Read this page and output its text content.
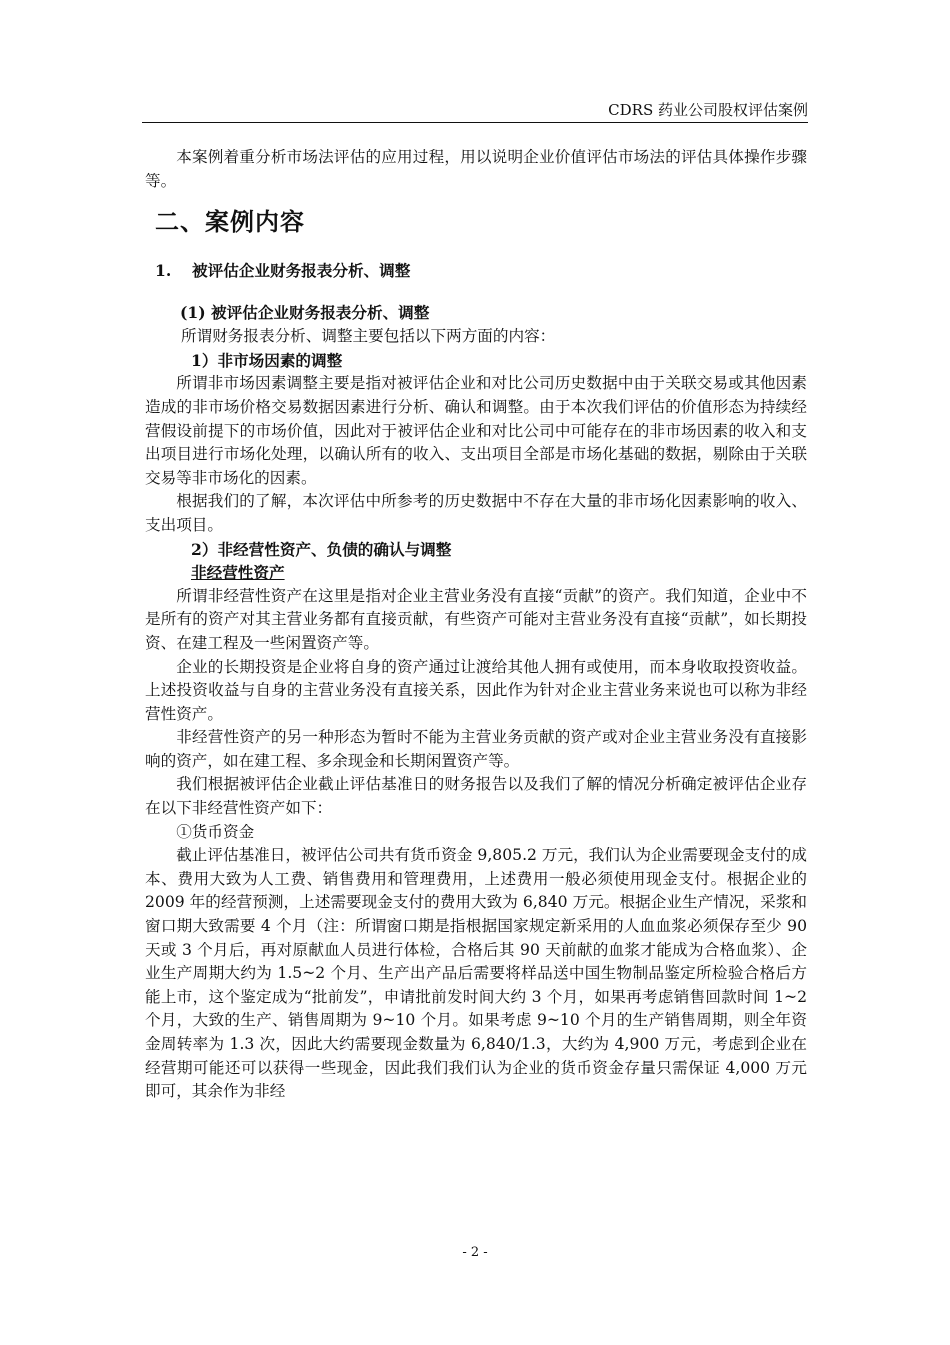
CDRS 药业公司股权评估案例

本案例着重分析市场法评估的应用过程，用以说明企业价值评估市场法的评估具体操作步骤等。

二、案例内容
1. 被评估企业财务报表分析、调整
(1) 被评估企业财务报表分析、调整

所谓财务报表分析、调整主要包括以下两方面的内容：

1）非市场因素的调整

所谓非市场因素调整主要是指对被评估企业和对比公司历史数据中由于关联交易或其他因素造成的非市场价格交易数据因素进行分析、确认和调整。由于本次我们评估的价值形态为持续经营假设前提下的市场价值，因此对于被评估企业和对比公司中可能存在的非市场因素的收入和支出项目进行市场化处理，以确认所有的收入、支出项目全部是市场化基础的数据，剔除由于关联交易等非市场化的因素。

根据我们的了解，本次评估中所参考的历史数据中不存在大量的非市场化因素影响的收入、支出项目。

2）非经营性资产、负债的确认与调整
非经营性资产

所谓非经营性资产在这里是指对企业主营业务没有直接“贡献”的资产。我们知道，企业中不是所有的资产对其主营业务都有直接贡献，有些资产可能对主营业务没有直接“贡献”，如长期投资、在建工程及一些闲置资产等。

企业的长期投资是企业将自身的资产通过让渡给其他人拥有或使用，而本身收取投资收益。上述投资收益与自身的主营业务没有直接关系，因此作为针对企业主营业务来说也可以称为非经营性资产。

非经营性资产的另一种形态为暂时不能为主营业务贡献的资产或对企业主营业务没有直接影响的资产，如在建工程、多余现金和长期闲置资产等。

我们根据被评估企业截止评估基准日的财务报告以及我们了解的情况分析确定被评估企业存在以下非经营性资产如下：

①货币资金

截止评估基准日，被评估公司共有货币资金 9,805.2 万元，我们认为企业需要现金支付的成本、费用大致为人工费、销售费用和管理费用，上述费用一般必须使用现金支付。根据企业的 2009 年的经营预测，上述需要现金支付的费用大致为 6,840 万元。根据企业生产情况，采浆和窗口期大致需要 4 个月（注：所谓窗口期是指根据国家规定新采用的人血血浆必须保存至少 90 天或 3 个月后，再对原献血人员进行体检，合格后其 90 天前献的血浆才能成为合格血浆）、企业生产周期大约为 1.5~2 个月、生产出产品后需要将样品送中国生物制品鉴定所检验合格后方能上市，这个鉴定成为“批前发”，申请批前发时间大约 3 个月，如果再考虑销售回款时间 1~2 个月，大致的生产、销售周期为 9~10 个月。如果考虑 9~10 个月的生产销售周期，则全年资金周转率为 1.3 次，因此大约需要现金数量为 6,840/1.3，大约为 4,900 万元，考虑到企业在经营期可能还可以获得一些现金，因此我们我们认为企业的货币资金存量只需保证 4,000 万元即可，其余作为非经

- 2 -
